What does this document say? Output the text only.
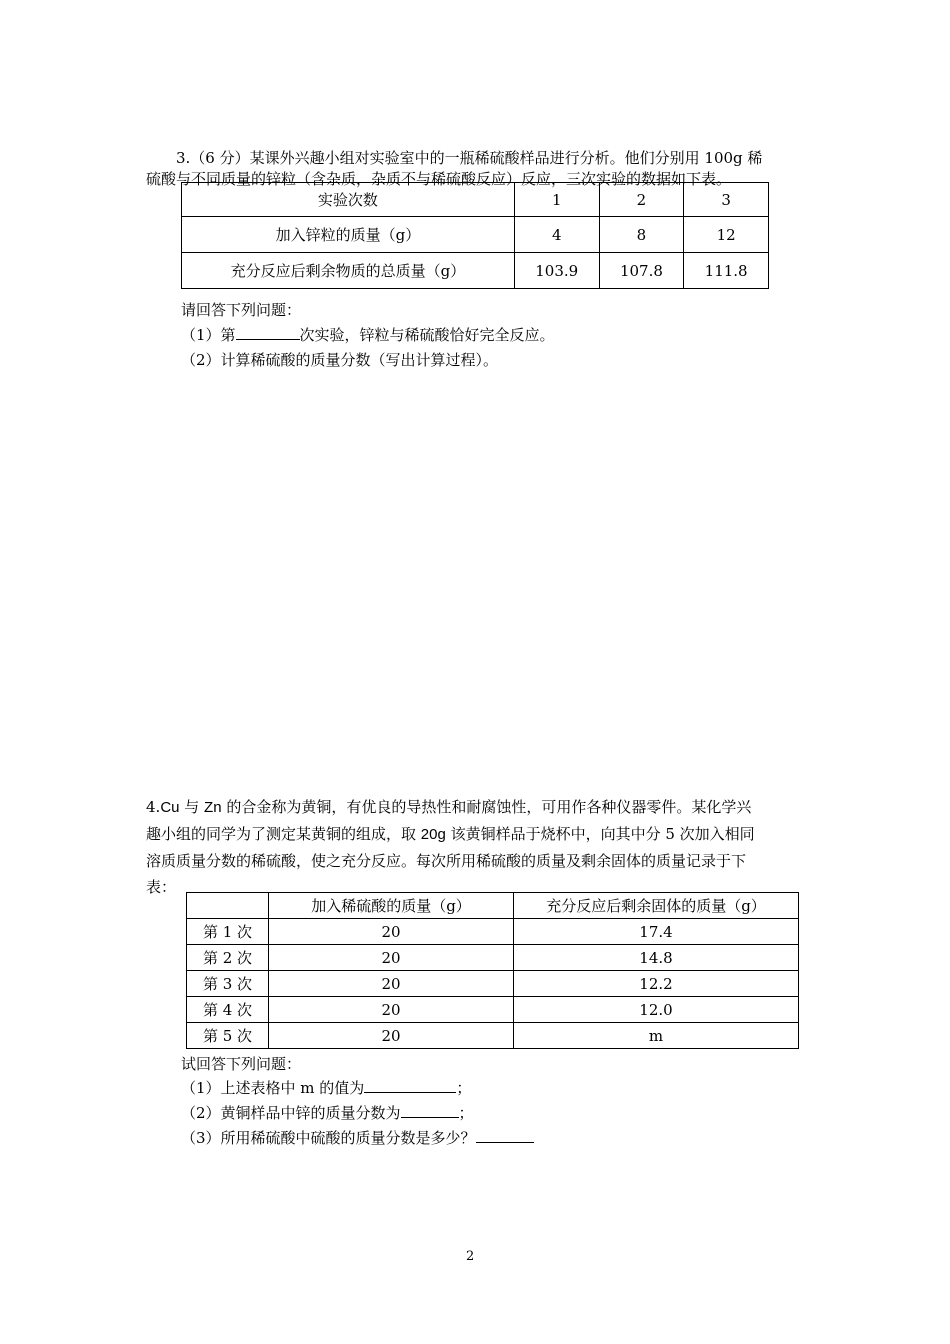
3.（6 分）某课外兴趣小组对实验室中的一瓶稀硫酸样品进行分析。他们分别用 100g 稀
硫酸与不同质量的锌粒（含杂质，杂质不与稀硫酸反应）反应，三次实验的数据如下表。
实验次数	1	2	3
加入锌粒的质量（g）	4	8	12
充分反应后剩余物质的总质量（g）	103.9	107.8	111.8
请回答下列问题：
（1）第	次实验，锌粒与稀硫酸恰好完全反应。
（2）计算稀硫酸的质量分数（写出计算过程）。
4.Cu 与 Zn 的合金称为黄铜，有优良的导热性和耐腐蚀性，可用作各种仪器零件。某化学兴
趣小组的同学为了测定某黄铜的组成，取 20g 该黄铜样品于烧杯中，向其中分 5 次加入相同
溶质质量分数的稀硫酸，使之充分反应。每次所用稀硫酸的质量及剩余固体的质量记录于下
表：
	加入稀硫酸的质量（g）	充分反应后剩余固体的质量（g）
第 1 次	20	17.4
第 2 次	20	14.8
第 3 次	20	12.2
第 4 次	20	12.0
第 5 次	20	m
试回答下列问题：
（1）上述表格中 m 的值为	；
（2）黄铜样品中锌的质量分数为	；
（3）所用稀硫酸中硫酸的质量分数是多少？
2
